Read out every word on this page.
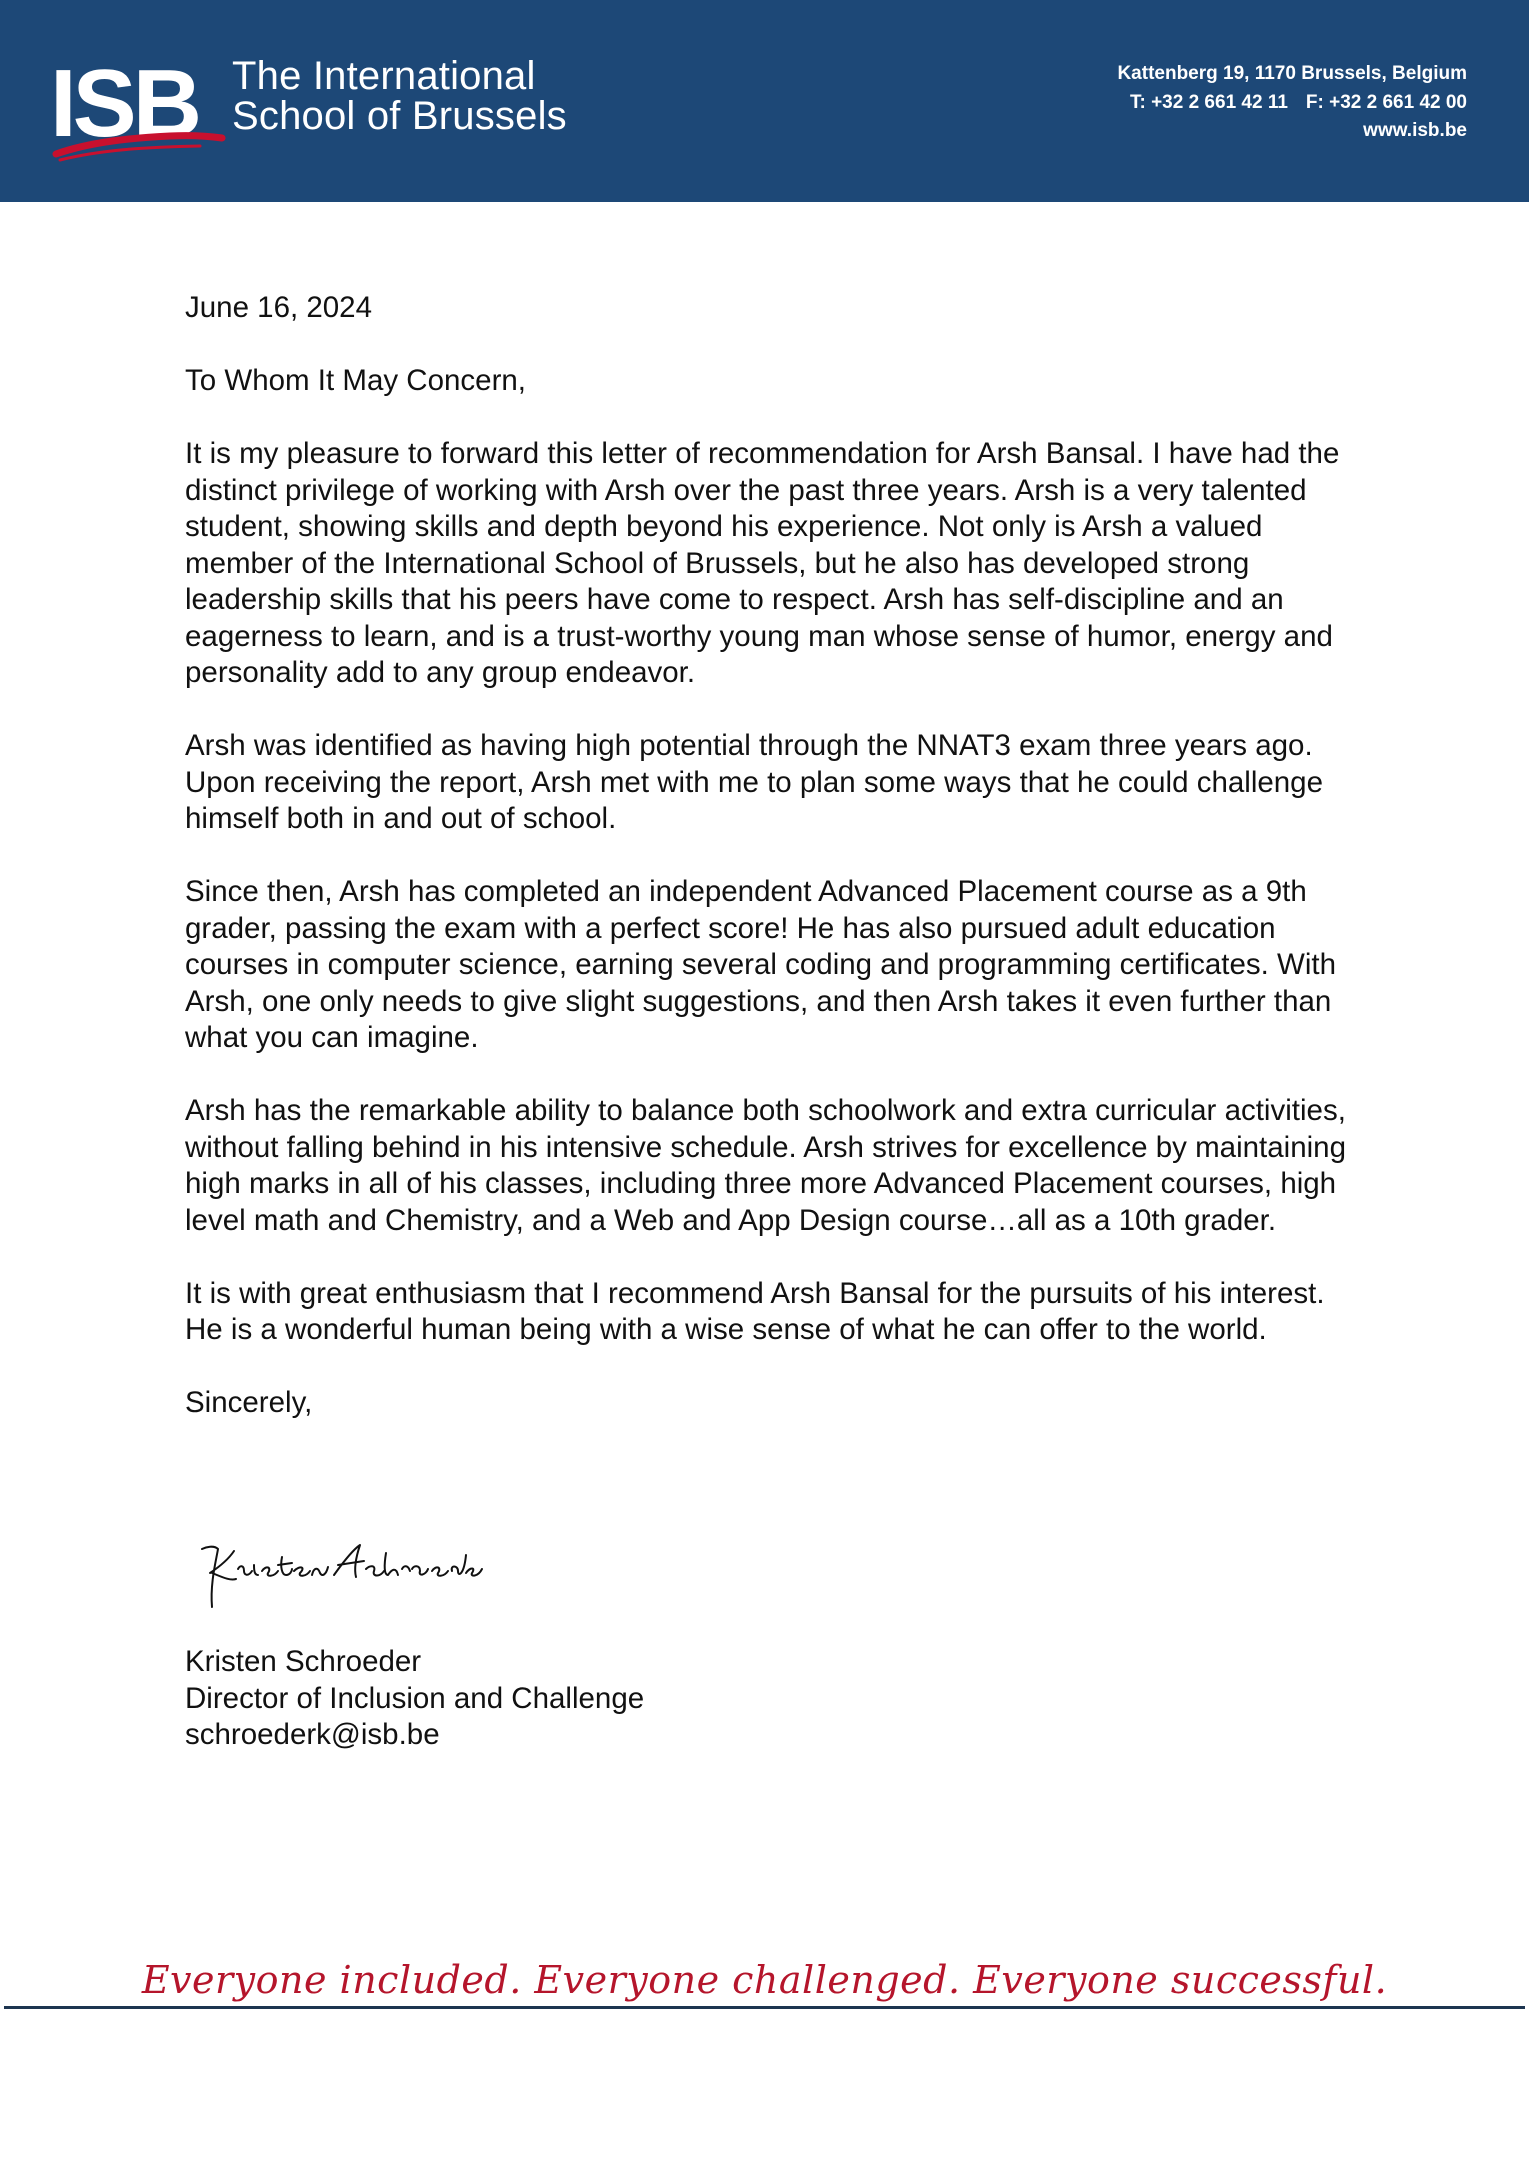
ISB The International
School of Brussels
Kattenberg 19, 1170 Brussels, Belgium
T: +32 2 661 42 11 F: +32 2 661 42 00
www.isb.be

June 16, 2024

To Whom It May Concern,

It is my pleasure to forward this letter of recommendation for Arsh Bansal. I have had the distinct privilege of working with Arsh over the past three years. Arsh is a very talented student, showing skills and depth beyond his experience. Not only is Arsh a valued member of the International School of Brussels, but he also has developed strong leadership skills that his peers have come to respect. Arsh has self-discipline and an eagerness to learn, and is a trust-worthy young man whose sense of humor, energy and personality add to any group endeavor.

Arsh was identified as having high potential through the NNAT3 exam three years ago. Upon receiving the report, Arsh met with me to plan some ways that he could challenge himself both in and out of school.

Since then, Arsh has completed an independent Advanced Placement course as a 9th grader, passing the exam with a perfect score! He has also pursued adult education courses in computer science, earning several coding and programming certificates. With Arsh, one only needs to give slight suggestions, and then Arsh takes it even further than what you can imagine.

Arsh has the remarkable ability to balance both schoolwork and extra curricular activities, without falling behind in his intensive schedule. Arsh strives for excellence by maintaining high marks in all of his classes, including three more Advanced Placement courses, high level math and Chemistry, and a Web and App Design course…all as a 10th grader.

It is with great enthusiasm that I recommend Arsh Bansal for the pursuits of his interest. He is a wonderful human being with a wise sense of what he can offer to the world.

Sincerely,

Kristen Schroeder
Director of Inclusion and Challenge
schroederk@isb.be
Everyone included. Everyone challenged. Everyone successful.
